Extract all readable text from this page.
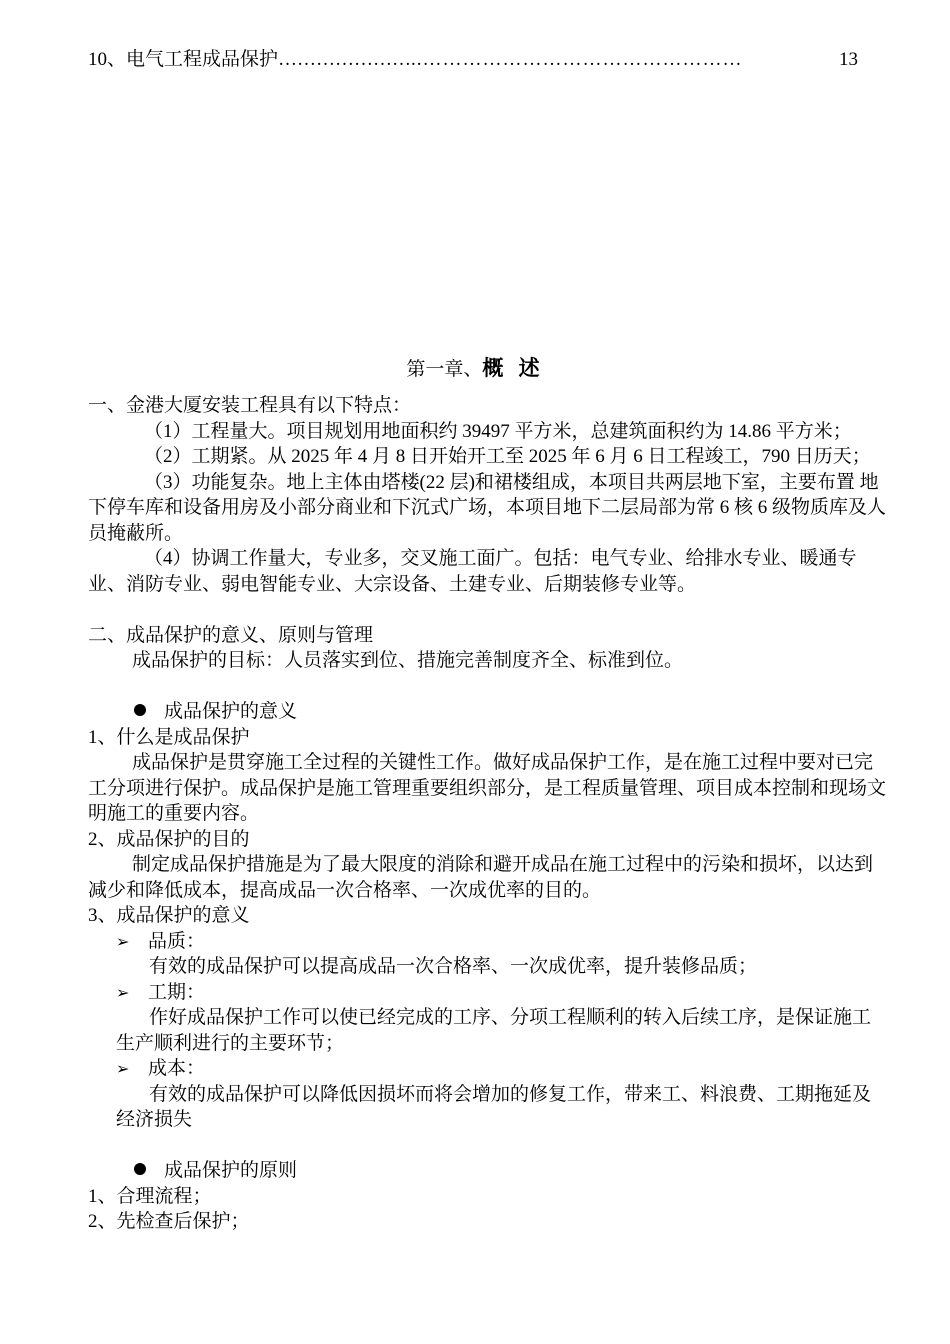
10、电气工程成品保护 ………………… ..…………………………………………	13
第一章、概 述

一、金港大厦安装工程具有以下特点：

（1）工程量大。项目规划用地面积约 39497 平方米，总建筑面积约为 14.86 平方米；

（2）工期紧。从 2025 年 4 月 8 日开始开工至 2025 年 6 月 6 日工程竣工，790 日历天；

（3）功能复杂。地上主体由塔楼(22 层)和裙楼组成，本项目共两层地下室，主要布置 地下停车库和设备用房及小部分商业和下沉式广场，本项目地下二层局部为常 6 核 6 级物质库及人员掩蔽所。

（4）协调工作量大，专业多，交叉施工面广。包括：电气专业、给排水专业、暖通专业、消防专业、弱电智能专业、大宗设备、土建专业、后期装修专业等。

二、成品保护的意义、原则与管理

成品保护的目标：人员落实到位、措施完善制度齐全、标准到位。

成品保护的意义

1、什么是成品保护

成品保护是贯穿施工全过程的关键性工作。做好成品保护工作，是在施工过程中要对已完工分项进行保护。成品保护是施工管理重要组织部分，是工程质量管理、项目成本控制和现场文明施工的重要内容。

2、成品保护的目的

制定成品保护措施是为了最大限度的消除和避开成品在施工过程中的污染和损坏，以达到减少和降低成本，提高成品一次合格率、一次成优率的目的。

3、成品保护的意义

➢ 品质：

有效的成品保护可以提高成品一次合格率、一次成优率，提升装修品质；

➢ 工期：

作好成品保护工作可以使已经完成的工序、分项工程顺利的转入后续工序，是保证施工生产顺利进行的主要环节；

➢ 成本：

有效的成品保护可以降低因损坏而将会增加的修复工作，带来工、料浪费、工期拖延及经济损失

成品保护的原则

1、合理流程；

2、先检查后保护；
